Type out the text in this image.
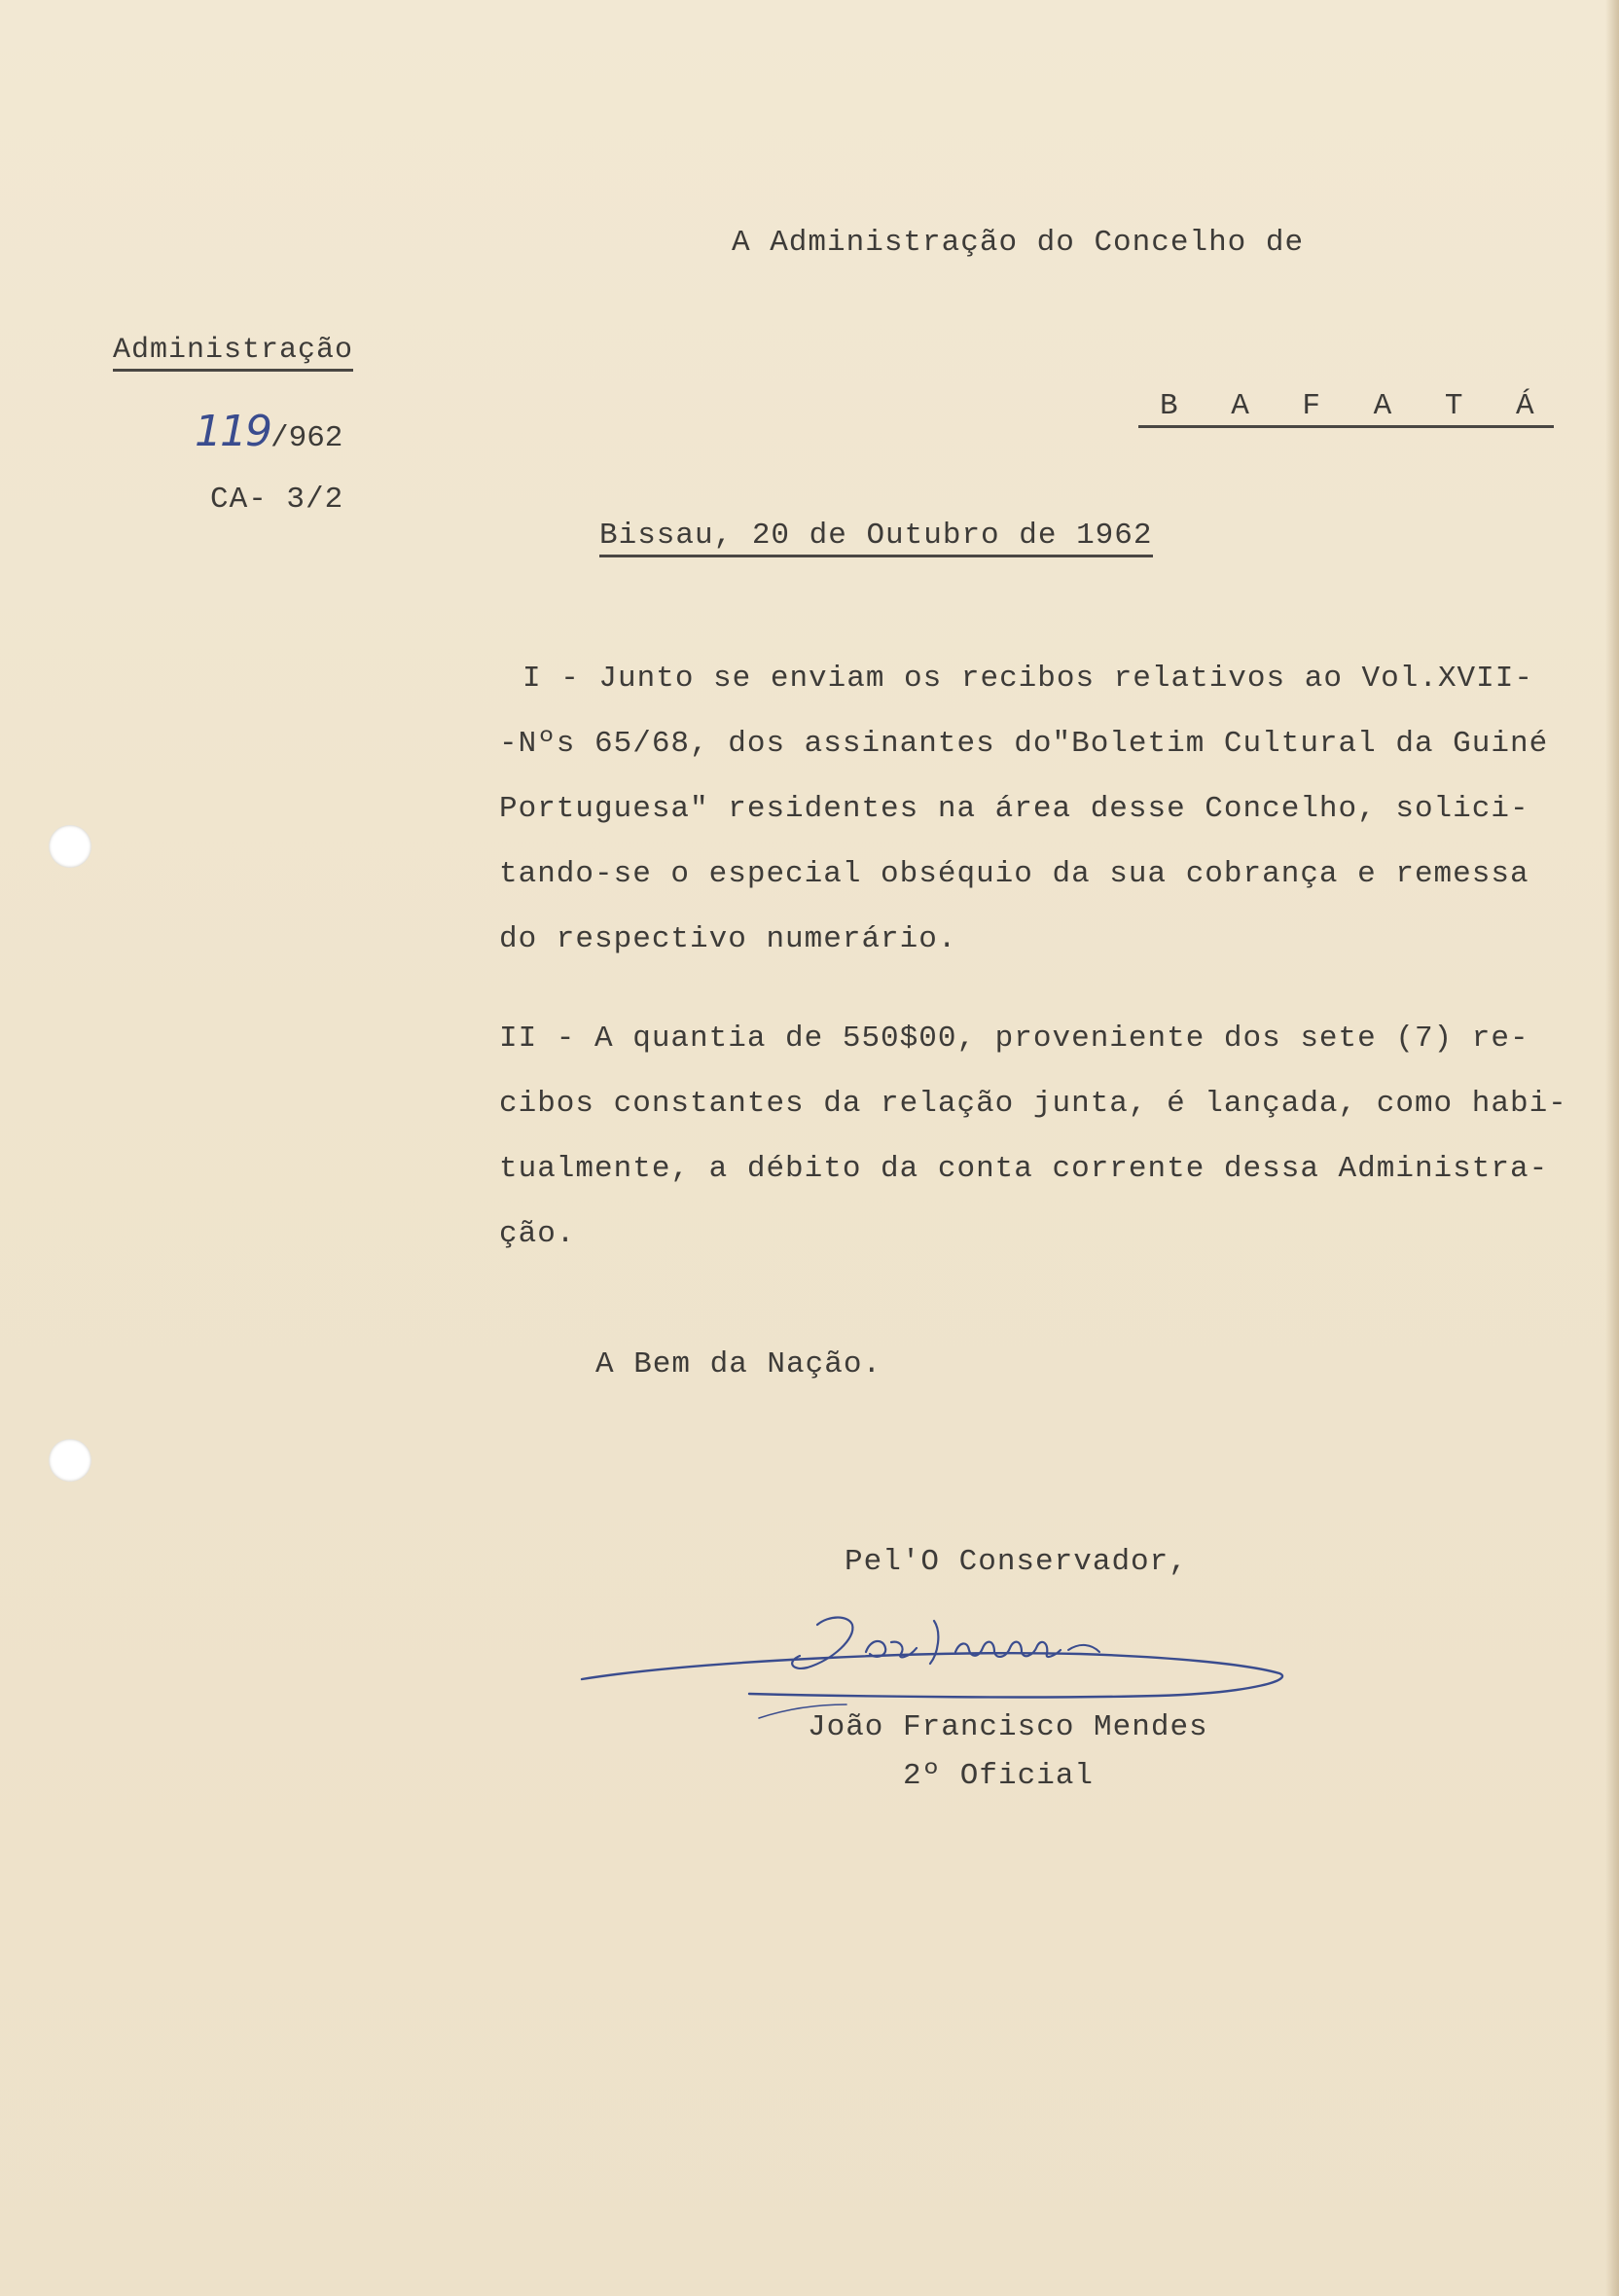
A Administração do Concelho de
Administração
B A F A T Á
119/962
CA- 3/2
Bissau, 20 de Outubro de 1962
I - Junto se enviam os recibos relativos ao Vol.XVII-
-Nºs 65/68, dos assinantes do"Boletim Cultural da Guiné
Portuguesa" residentes na área desse Concelho, solici-
tando-se o especial obséquio da sua cobrança e remessa
do respectivo numerário.
II - A quantia de 550$00, proveniente dos sete (7) re-
cibos constantes da relação junta, é lançada, como habi-
tualmente, a débito da conta corrente dessa Administra-
ção.
A Bem da Nação.
Pel'O Conservador,
João Francisco Mendes
2º Oficial
